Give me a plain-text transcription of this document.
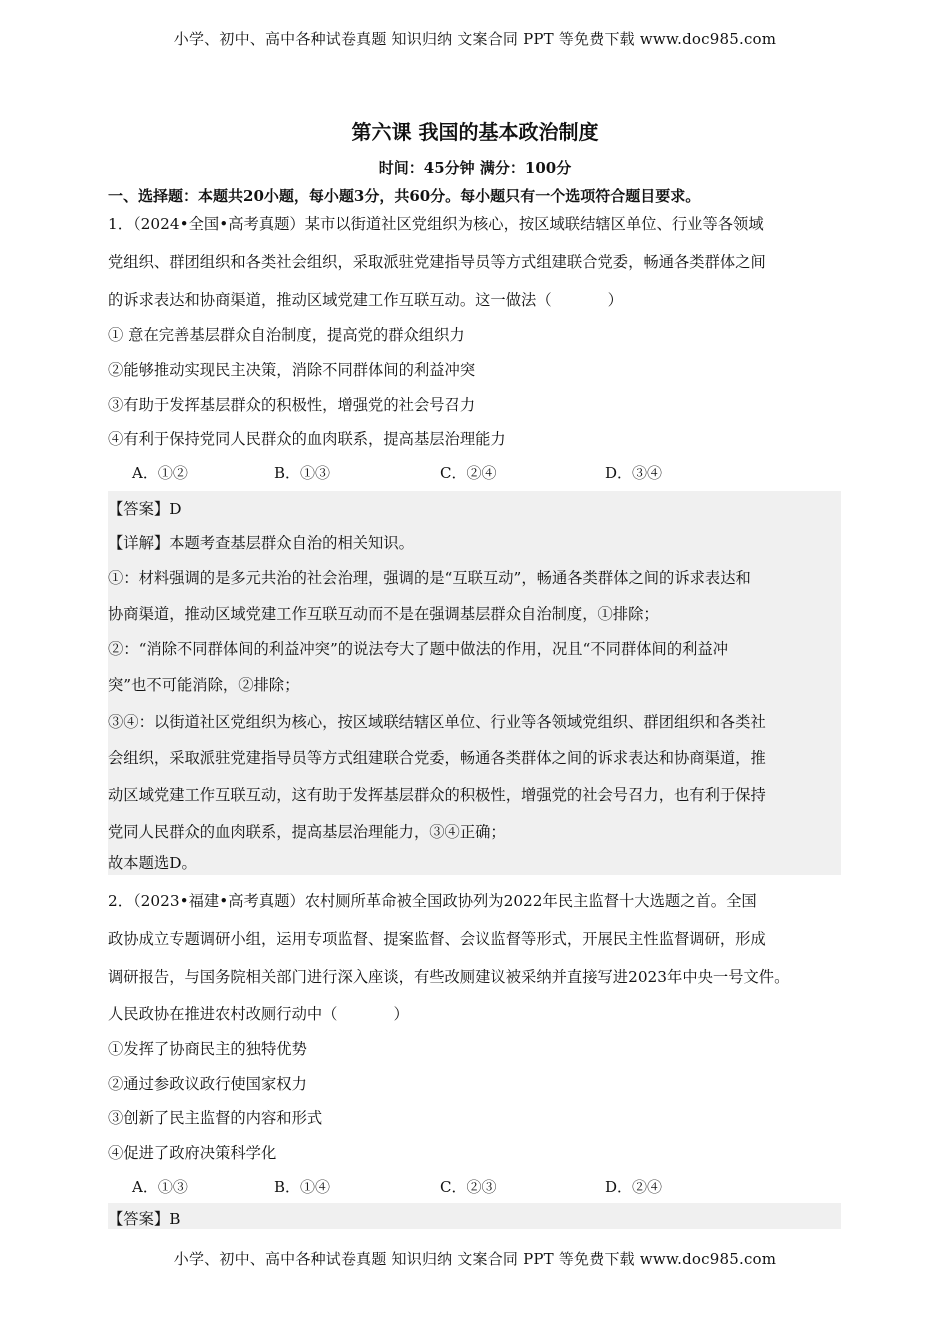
小学、初中、高中各种试卷真题 知识归纳 文案合同 PPT 等免费下载 www.doc985.com
第六课 我国的基本政治制度
时间：45分钟 满分：100分
一、选择题：本题共20小题，每小题3分，共60分。每小题只有一个选项符合题目要求。
1．（2024•全国•高考真题）某市以街道社区党组织为核心，按区域联结辖区单位、行业等各领域
党组织、群团组织和各类社会组织，采取派驻党建指导员等方式组建联合党委，畅通各类群体之间
的诉求表达和协商渠道，推动区域党建工作互联互动。这一做法（	）
① 意在完善基层群众自治制度，提高党的群众组织力
②能够推动实现民主决策，消除不同群体间的利益冲突
③有助于发挥基层群众的积极性，增强党的社会号召力
④有利于保持党同人民群众的血肉联系，提高基层治理能力
A．①②	B．①③	C．②④	D．③④
【答案】D
【详解】本题考查基层群众自治的相关知识。
①：材料强调的是多元共治的社会治理，强调的是“互联互动”，畅通各类群体之间的诉求表达和
协商渠道，推动区域党建工作互联互动而不是在强调基层群众自治制度，①排除；
②：“消除不同群体间的利益冲突”的说法夸大了题中做法的作用，况且“不同群体间的利益冲
突”也不可能消除，②排除；
③④：以街道社区党组织为核心，按区域联结辖区单位、行业等各领域党组织、群团组织和各类社
会组织，采取派驻党建指导员等方式组建联合党委，畅通各类群体之间的诉求表达和协商渠道，推
动区域党建工作互联互动，这有助于发挥基层群众的积极性，增强党的社会号召力，也有利于保持
党同人民群众的血肉联系，提高基层治理能力，③④正确；
故本题选D。
2．（2023•福建•高考真题）农村厕所革命被全国政协列为2022年民主监督十大选题之首。全国
政协成立专题调研小组，运用专项监督、提案监督、会议监督等形式，开展民主性监督调研，形成
调研报告，与国务院相关部门进行深入座谈，有些改厕建议被采纳并直接写进2023年中央一号文件。
人民政协在推进农村改厕行动中（	）
①发挥了协商民主的独特优势
②通过参政议政行使国家权力
③创新了民主监督的内容和形式
④促进了政府决策科学化
A．①③	B．①④	C．②③	D．②④
【答案】B
小学、初中、高中各种试卷真题 知识归纳 文案合同 PPT 等免费下载 www.doc985.com
